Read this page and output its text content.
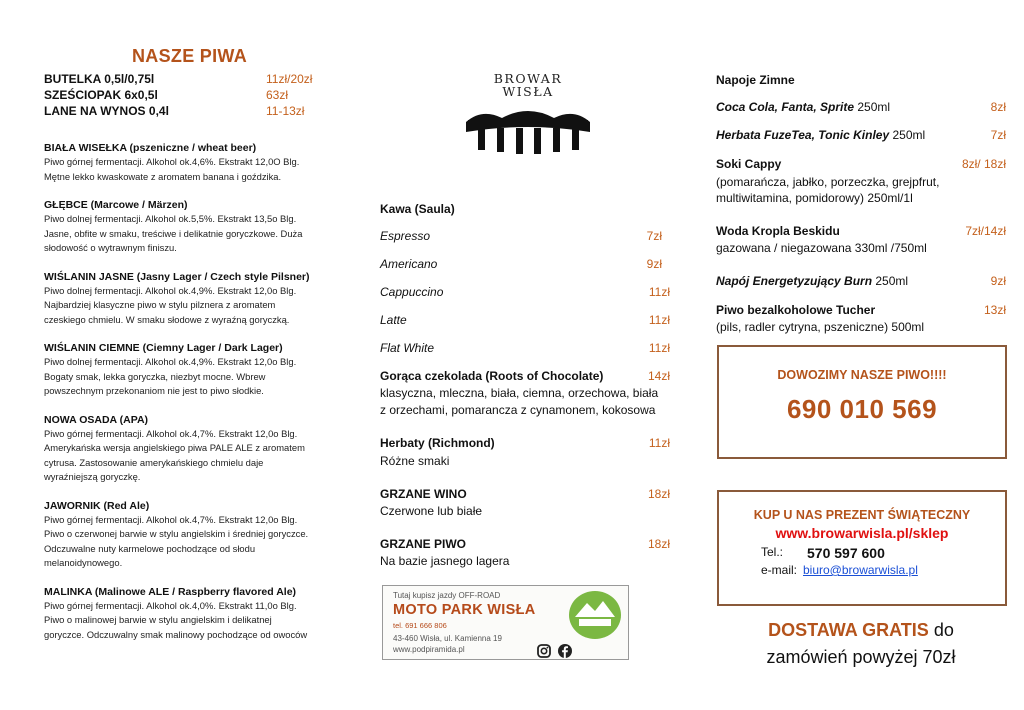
NASZE PIWA
BUTELKA 0,5l/0,75l	11zł/20zł
SZEŚCIOPAK 6x0,5l	63zł
LANE NA WYNOS 0,4l	11-13zł
BIAŁA WISEŁKA (pszeniczne / wheat beer)
Piwo górnej fermentacji. Alkohol ok.4,6%. Ekstrakt 12,0O Blg.
Mętne lekko kwaskowate z aromatem banana i goździka.
GŁĘBCE (Marcowe / Märzen)
Piwo dolnej fermentacji. Alkohol ok.5,5%. Ekstrakt 13,5o Blg.
Jasne, obfite w smaku, treściwe i delikatnie goryczkowe. Duża
słodowość o wytrawnym finiszu.
WIŚLANIN JASNE (Jasny Lager / Czech style Pilsner)
Piwo dolnej fermentacji. Alkohol ok.4,9%. Ekstrakt 12,0o Blg.
Najbardziej klasyczne piwo w stylu pilznera z aromatem
czeskiego chmielu. W smaku słodowe z wyraźną goryczką.
WIŚLANIN CIEMNE (Ciemny Lager / Dark Lager)
Piwo dolnej fermentacji. Alkohol ok.4,9%. Ekstrakt 12,0o Blg.
Bogaty smak, lekka goryczka, niezbyt mocne. Wbrew
powszechnym przekonaniom nie jest to piwo słodkie.
NOWA OSADA (APA)
Piwo górnej fermentacji. Alkohol ok.4,7%. Ekstrakt 12,0o Blg.
Amerykańska wersja angielskiego piwa PALE ALE z aromatem
cytrusa. Zastosowanie amerykańskiego chmielu daje
wyraźniejszą goryczkę.
JAWORNIK (Red Ale)
Piwo górnej fermentacji. Alkohol ok.4,7%. Ekstrakt 12,0o Blg.
Piwo o czerwonej barwie w stylu angielskim i średniej goryczce.
Odczuwalne nuty karmelowe pochodzące od słodu
melanoidynowego.
MALINKA (Malinowe ALE / Raspberry flavored Ale)
Piwo górnej fermentacji. Alkohol ok.4,0%. Ekstrakt 11,0o Blg.
Piwo o malinowej barwie w stylu angielskim i delikatnej
goryczce. Odczuwalny smak malinowy pochodzące od owoców
BROWAR
WISŁA
Kawa (Saula)
Espresso	7zł
Americano	9zł
Cappuccino	11zł
Latte	11zł
Flat White	11zł
Gorąca czekolada (Roots of Chocolate)	14zł
klasyczna, mleczna, biała, ciemna, orzechowa, biała
z orzechami, pomarancza z cynamonem, kokosowa
Herbaty (Richmond)	11zł
Różne smaki
GRZANE WINO	18zł
Czerwone lub białe
GRZANE PIWO	18zł
Na bazie jasnego lagera
Tutaj kupisz jazdy OFF-ROAD
MOTO PARK WISŁA
tel. 691 666 806
43-460 Wisła, ul. Kamienna 19
www.podpiramida.pl
Napoje Zimne
Coca Cola, Fanta, Sprite 250ml	8zł
Herbata FuzeTea, Tonic Kinley 250ml	7zł
Soki Cappy	8zł/ 18zł
(pomarańcza, jabłko, porzeczka, grejpfrut,
multiwitamina, pomidorowy) 250ml/1l
Woda Kropla Beskidu	7zł/14zł
gazowana / niegazowana 330ml /750ml
Napój Energetyzujący Burn 250ml	9zł
Piwo bezalkoholowe Tucher	13zł
(pils, radler cytryna, pszeniczne) 500ml
DOWOZIMY NASZE PIWO!!!!
690 010 569
KUP U NAS PREZENT ŚWIĄTECZNY
www.browarwisla.pl/sklep
Tel.:	570 597 600
e-mail: biuro@browarwisla.pl
DOSTAWA GRATIS do
zamówień powyżej 70zł
